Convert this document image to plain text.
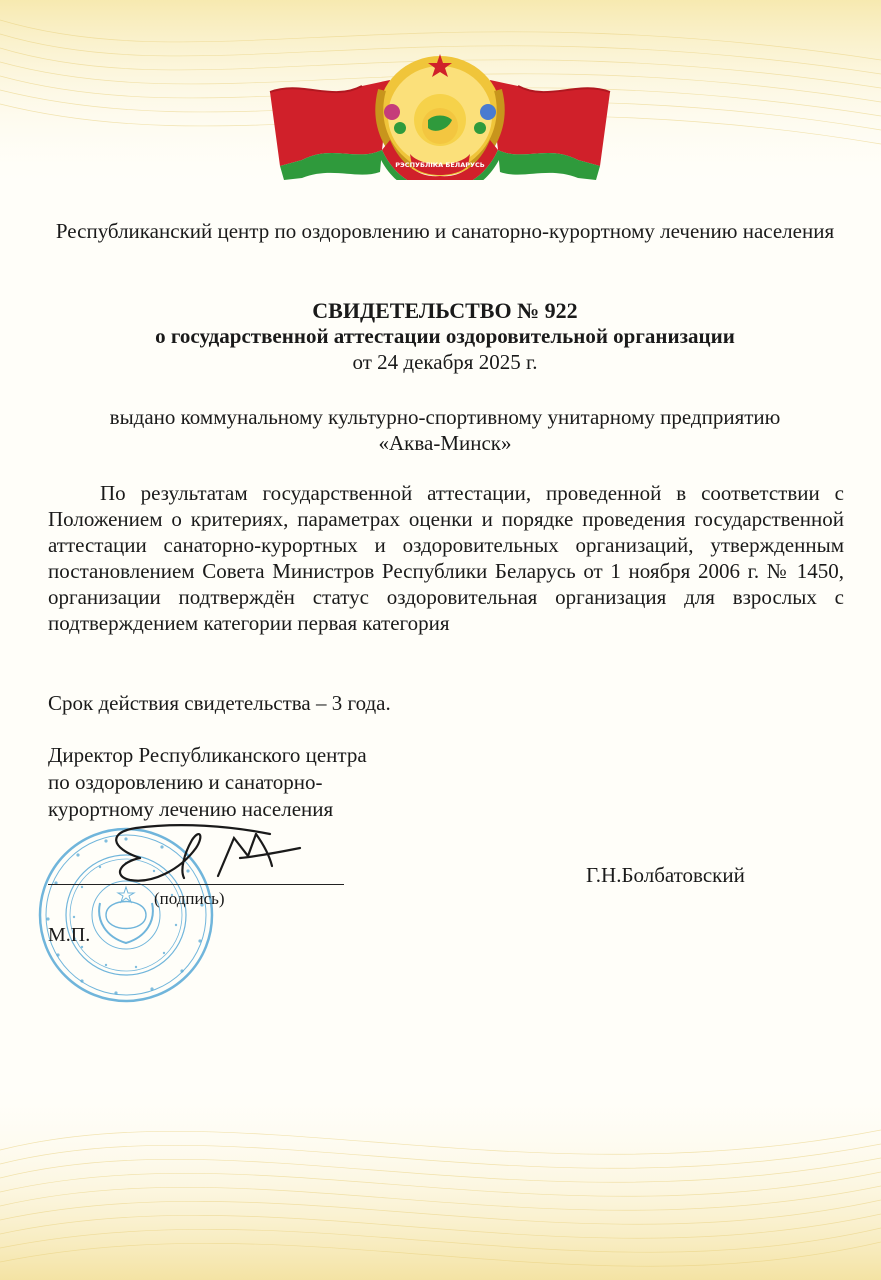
РЭСПУБЛІКА БЕЛАРУСЬ
Республиканский центр по оздоровлению и санаторно-курортному лечению населения
СВИДЕТЕЛЬСТВО № 922
о государственной аттестации оздоровительной организации
от 24 декабря 2025 г.
выдано коммунальному культурно-спортивному унитарному предприятию
«Аква-Минск»
По результатам государственной аттестации, проведенной в соответствии с Положением о критериях, параметрах оценки и порядке проведения государственной аттестации санаторно-курортных и оздоровительных организаций, утвержденным постановлением Совета Министров Республики Беларусь от 1 ноября 2006 г. № 1450, организации подтверждён статус оздоровительная организация для взрослых с подтверждением категории первая категория
Срок действия свидетельства – 3 года.
Директор Республиканского центра
по оздоровлению и санаторно-
курортному лечению населения
(подпись)
М.П.
Г.Н.Болбатовский
